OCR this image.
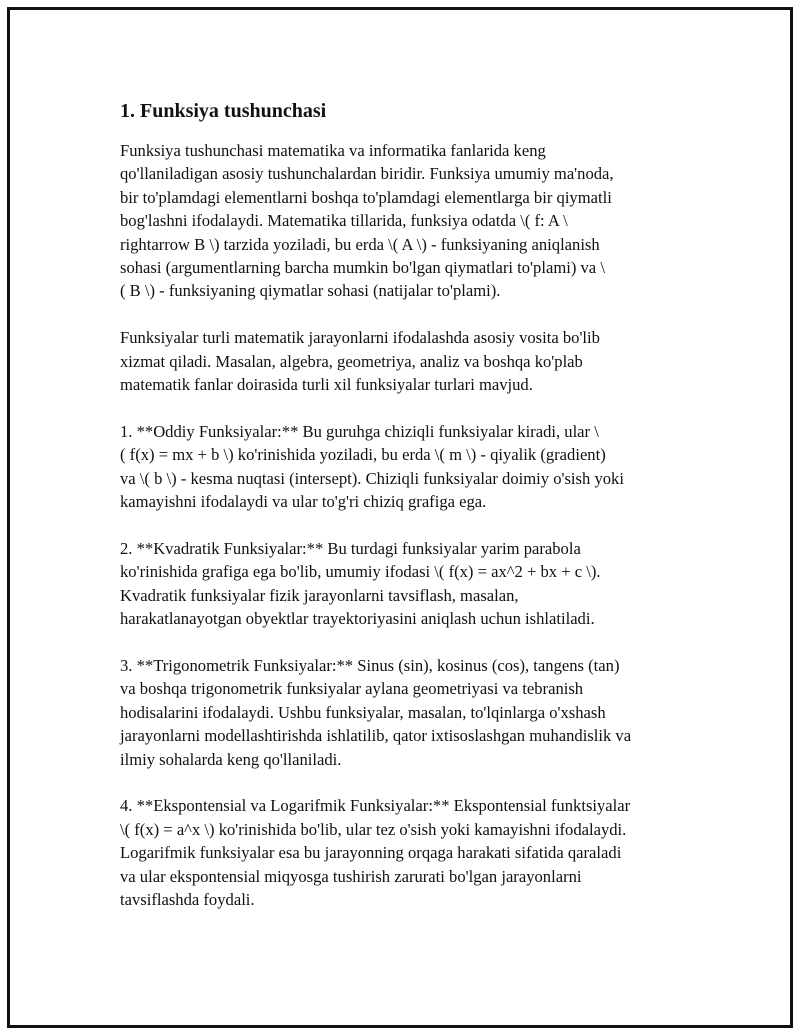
1. Funksiya tushunchasi

Funksiya tushunchasi matematika va informatika fanlarida keng
qo'llaniladigan asosiy tushunchalardan biridir. Funksiya umumiy ma'noda,
bir to'plamdagi elementlarni boshqa to'plamdagi elementlarga bir qiymatli
bog'lashni ifodalaydi. Matematika tillarida, funksiya odatda \( f: A \
rightarrow B \) tarzida yoziladi, bu erda \( A \) - funksiyaning aniqlanish
sohasi (argumentlarning barcha mumkin bo'lgan qiymatlari to'plami) va \
( B \) - funksiyaning qiymatlar sohasi (natijalar to'plami).

Funksiyalar turli matematik jarayonlarni ifodalashda asosiy vosita bo'lib
xizmat qiladi. Masalan, algebra, geometriya, analiz va boshqa ko'plab
matematik fanlar doirasida turli xil funksiyalar turlari mavjud.

1. **Oddiy Funksiyalar:** Bu guruhga chiziqli funksiyalar kiradi, ular \
( f(x) = mx + b \) ko'rinishida yoziladi, bu erda \( m \) - qiyalik (gradient)
va \( b \) - kesma nuqtasi (intersept). Chiziqli funksiyalar doimiy o'sish yoki
kamayishni ifodalaydi va ular to'g'ri chiziq grafiga ega.

2. **Kvadratik Funksiyalar:** Bu turdagi funksiyalar yarim parabola
ko'rinishida grafiga ega bo'lib, umumiy ifodasi \( f(x) = ax^2 + bx + c \).
Kvadratik funksiyalar fizik jarayonlarni tavsiflash, masalan,
harakatlanayotgan obyektlar trayektoriyasini aniqlash uchun ishlatiladi.

3. **Trigonometrik Funksiyalar:** Sinus (sin), kosinus (cos), tangens (tan)
va boshqa trigonometrik funksiyalar aylana geometriyasi va tebranish
hodisalarini ifodalaydi. Ushbu funksiyalar, masalan, to'lqinlarga o'xshash
jarayonlarni modellashtirishda ishlatilib, qator ixtisoslashgan muhandislik va
ilmiy sohalarda keng qo'llaniladi.

4. **Ekspontensial va Logarifmik Funksiyalar:** Ekspontensial funktsiyalar
\( f(x) = a^x \) ko'rinishida bo'lib, ular tez o'sish yoki kamayishni ifodalaydi.
Logarifmik funksiyalar esa bu jarayonning orqaga harakati sifatida qaraladi
va ular ekspontensial miqyosga tushirish zarurati bo'lgan jarayonlarni
tavsiflashda foydali.
